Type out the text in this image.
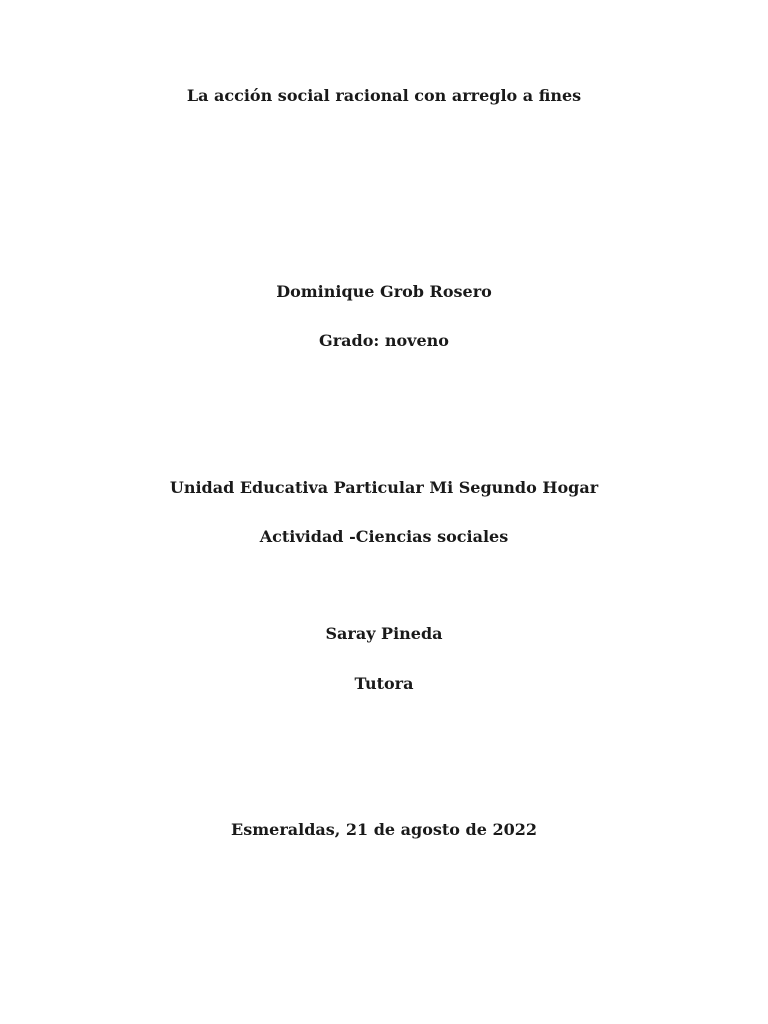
La acción social racional con arreglo a fines
Dominique Grob Rosero
Grado: noveno
Unidad Educativa Particular Mi Segundo Hogar
Actividad -Ciencias sociales
Saray Pineda
Tutora
Esmeraldas, 21 de agosto de 2022
